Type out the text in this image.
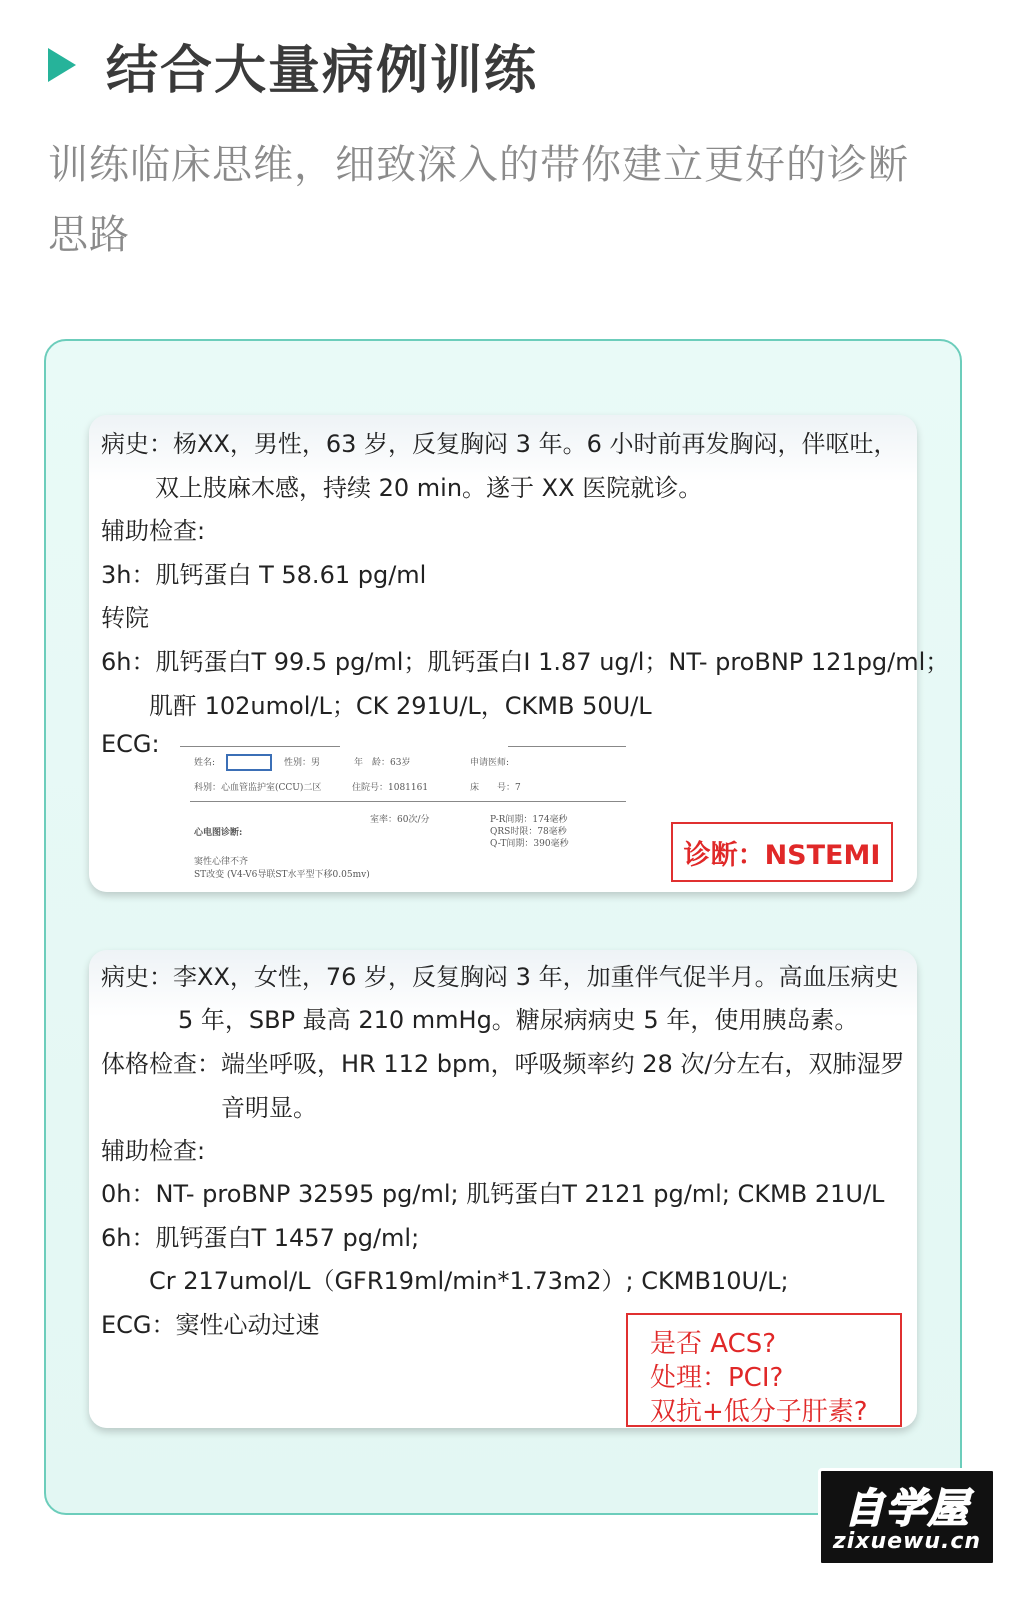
结合大量病例训练
训练临床思维，细致深入的带你建立更好的诊断
思路
病史：杨XX，男性，63 岁，反复胸闷 3 年。6 小时前再发胸闷，伴呕吐，
双上肢麻木感，持续 20 min。遂于 XX 医院就诊。
辅助检查:
3h：肌钙蛋白 T 58.61 pg/ml
转院
6h：肌钙蛋白T 99.5 pg/ml；肌钙蛋白I 1.87 ug/l；NT- proBNP 121pg/ml；
肌酐 102umol/L；CK 291U/L，CKMB 50U/L
ECG:
姓名:	性别：男	年　龄：63岁	申请医师:
科别：心血管监护室(CCU)二区	住院号：1081161	床　　号：7
室率：60次/分	P-R间期：174毫秒
QRS时限：78毫秒
Q-T间期：390毫秒
心电图诊断:
窦性心律不齐
ST改变 (V4-V6导联ST水平型下移0.05mv)
诊断：NSTEMI
病史：李XX，女性，76 岁，反复胸闷 3 年，加重伴气促半月。高血压病史
5 年，SBP 最高 210 mmHg。糖尿病病史 5 年，使用胰岛素。
体格检查：端坐呼吸，HR 112 bpm，呼吸频率约 28 次/分左右，双肺湿罗
音明显。
辅助检查:
0h：NT- proBNP 32595 pg/ml; 肌钙蛋白T 2121 pg/ml; CKMB 21U/L
6h：肌钙蛋白T 1457 pg/ml;
Cr 217umol/L（GFR19ml/min*1.73m2）; CKMB10U/L;
ECG：窦性心动过速
是否 ACS?
处理：PCI?
双抗+低分子肝素?
自学屋
zixuewu.cn
